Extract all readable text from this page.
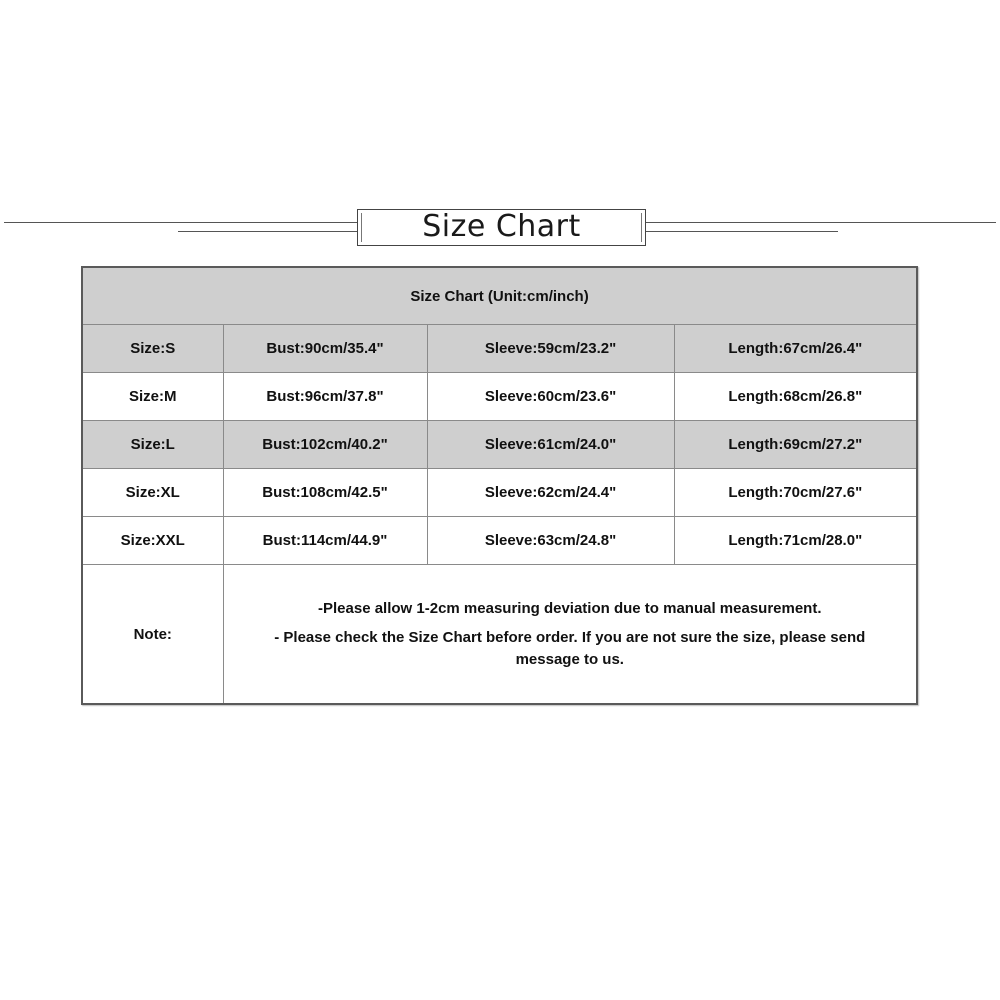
Size Chart
Size Chart (Unit:cm/inch)			
Size:S	Bust:90cm/35.4"	Sleeve:59cm/23.2"	Length:67cm/26.4"
Size:M	Bust:96cm/37.8"	Sleeve:60cm/23.6"	Length:68cm/26.8"
Size:L	Bust:102cm/40.2"	Sleeve:61cm/24.0"	Length:69cm/27.2"
Size:XL	Bust:108cm/42.5"	Sleeve:62cm/24.4"	Length:70cm/27.6"
Size:XXL	Bust:114cm/44.9"	Sleeve:63cm/24.8"	Length:71cm/28.0"
Note:	-Please allow 1-2cm measuring deviation due to manual measurement.
- Please check the Size Chart before order. If you are not sure the size, please send message to us.		
